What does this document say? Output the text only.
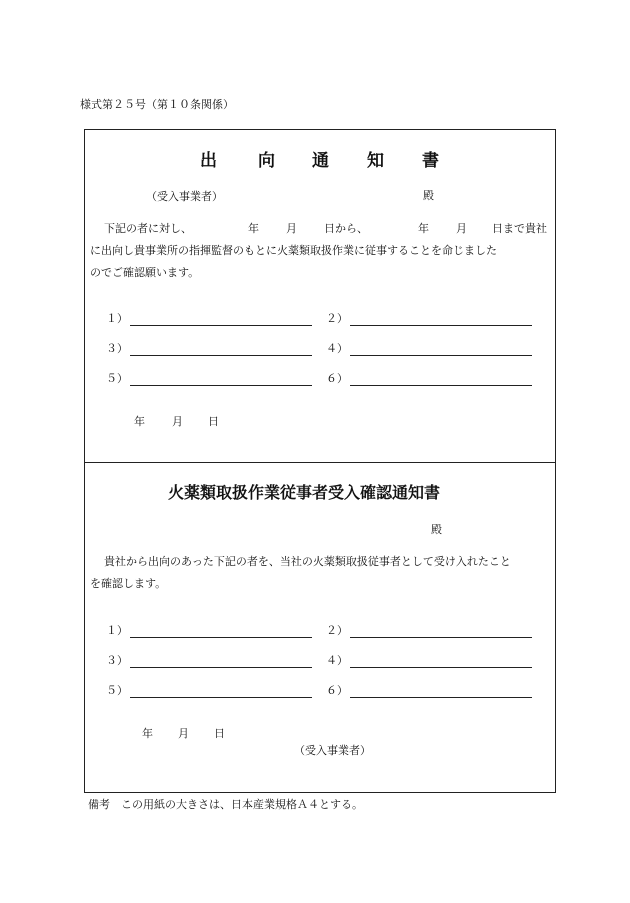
様式第２５号（第１０条関係）
出 向 通 知 書
（受入事業者）	殿
下記の者に対し、	年 月 日から、	年 月 日まで貴社
に出向し貴事業所の指揮監督のもとに火薬類取扱作業に従事することを命じました
のでご確認願います。
１）	２）
３）	４）
５）	６）
年 月 日
火薬類取扱作業従事者受入確認通知書
殿
貴社から出向のあった下記の者を、当社の火薬類取扱従事者として受け入れたこと
を確認します。
１）	２）
３）	４）
５）	６）
年 月 日
（受入事業者）
備考　この用紙の大きさは、日本産業規格Ａ４とする。
